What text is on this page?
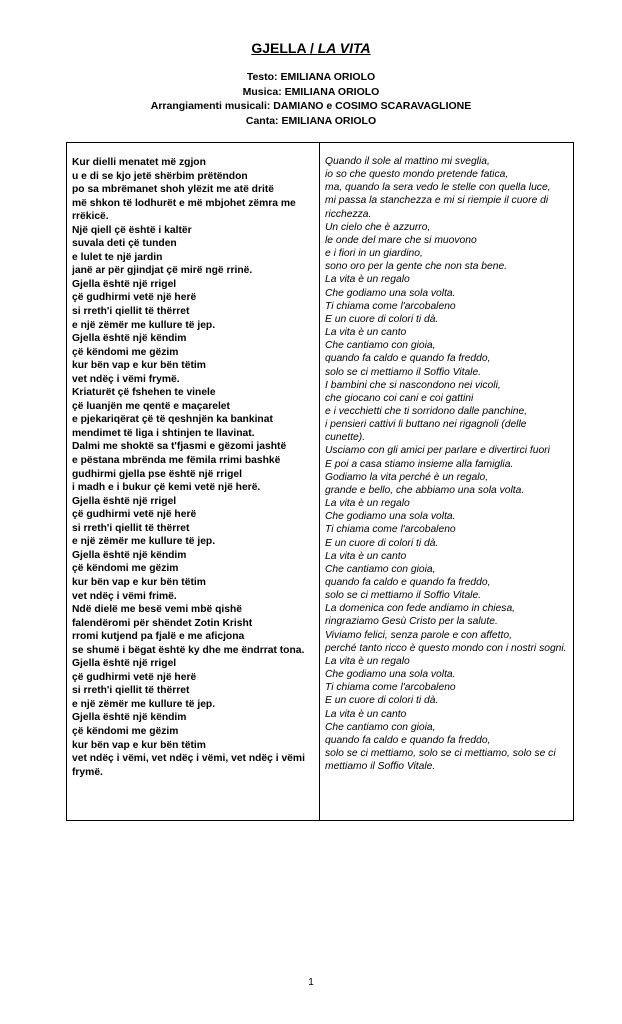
GJELLA / LA VITA
Testo: EMILIANA ORIOLO
Musica: EMILIANA ORIOLO
Arrangiamenti musicali: DAMIANO e COSIMO SCARAVAGLIONE
Canta: EMILIANA ORIOLO
Kur dielli menatet më zgjon
u e di se kjo jetë shërbim prëtëndon
po sa mbrëmanet shoh ylëzit me atë dritë
më shkon të lodhurët e më mbjohet zëmra me rrëkicë.
Një qiell çë është i kaltër
suvala deti çë tunden
e lulet te një jardin
janë ar për gjindjat çë mirë ngë rrinë.
Gjella është një rrigel
çë gudhirmi vetë një herë
si rreth'i qiellit të thërret
e një zëmër me kullure të jep.
Gjella është një këndim
çë këndomi me gëzim
kur bën vap e kur bën tëtim
vet ndëç i vëmi frymë.
Kriaturët çë fshehen te vinele
çë luanjën me qentë e maçarelet
e pjekariqërat çë të qeshnjën ka bankinat
mendimet të liga i shtinjen te llavinat.
Dalmi me shoktë sa t'fjasmi e gëzomi jashtë
e pëstana mbrënda me fëmila rrimi bashkë
gudhirmi gjella pse është një rrigel
i madh e i bukur çë kemi vetë një herë.
Gjella është një rrigel
çë gudhirmi vetë një herë
si rreth'i qiellit të thërret
e një zëmër me kullure të jep.
Gjella është një këndim
çë këndomi me gëzim
kur bën vap e kur bën tëtim
vet ndëç i vëmi frimë.
Ndë dielë me besë vemi mbë qishë
falendëromi për shëndet Zotin Krisht
rromi kutjend pa fjalë e me aficjona
se shumë i bëgat është ky dhe me ëndrrat tona.
Gjella është një rrigel
çë gudhirmi vetë një herë
si rreth'i qiellit të thërret
e një zëmër me kullure të jep.
Gjella është një këndim
çë këndomi me gëzim
kur bën vap e kur bën tëtim
vet ndëç i vëmi, vet ndëç i vëmi, vet ndëç i vëmi frymë.

Quando il sole al mattino mi sveglia,
io so che questo mondo pretende fatica,
ma, quando la sera vedo le stelle con quella luce,
mi passa la stanchezza e mi si riempie il cuore di ricchezza.
Un cielo che è azzurro,
le onde del mare che si muovono
e i fiori in un giardino,
sono oro per la gente che non sta bene.
La vita è un regalo
Che godiamo una sola volta.
Ti chiama come l'arcobaleno
E un cuore di colori ti dà.
La vita è un canto
Che cantiamo con gioia,
quando fa caldo e quando fa freddo,
solo se ci mettiamo il Soffio Vitale.
I bambini che si nascondono nei vicoli,
che giocano coi cani e coi gattini
e i vecchietti che ti sorridono dalle panchine,
i pensieri cattivi li buttano nei rigagnoli (delle cunette).
Usciamo con gli amici per parlare e divertirci fuori
E poi a casa stiamo insieme alla famiglia.
Godiamo la vita perché è un regalo,
grande e bello, che abbiamo una sola volta.
La vita è un regalo
Che godiamo una sola volta.
Ti chiama come l'arcobaleno
E un cuore di colori ti dà.
La vita è un canto
Che cantiamo con gioia,
quando fa caldo e quando fa freddo,
solo se ci mettiamo il Soffio Vitale.
La domenica con fede andiamo in chiesa,
ringraziamo Gesù Cristo per la salute.
Viviamo felici, senza parole e con affetto,
perché tanto ricco è questo mondo con i nostri sogni.
La vita è un regalo
Che godiamo una sola volta.
Ti chiama come l'arcobaleno
E un cuore di colori ti dà.
La vita è un canto
Che cantiamo con gioia,
quando fa caldo e quando fa freddo,
solo se ci mettiamo, solo se ci mettiamo, solo se ci mettiamo il Soffio Vitale.
1
